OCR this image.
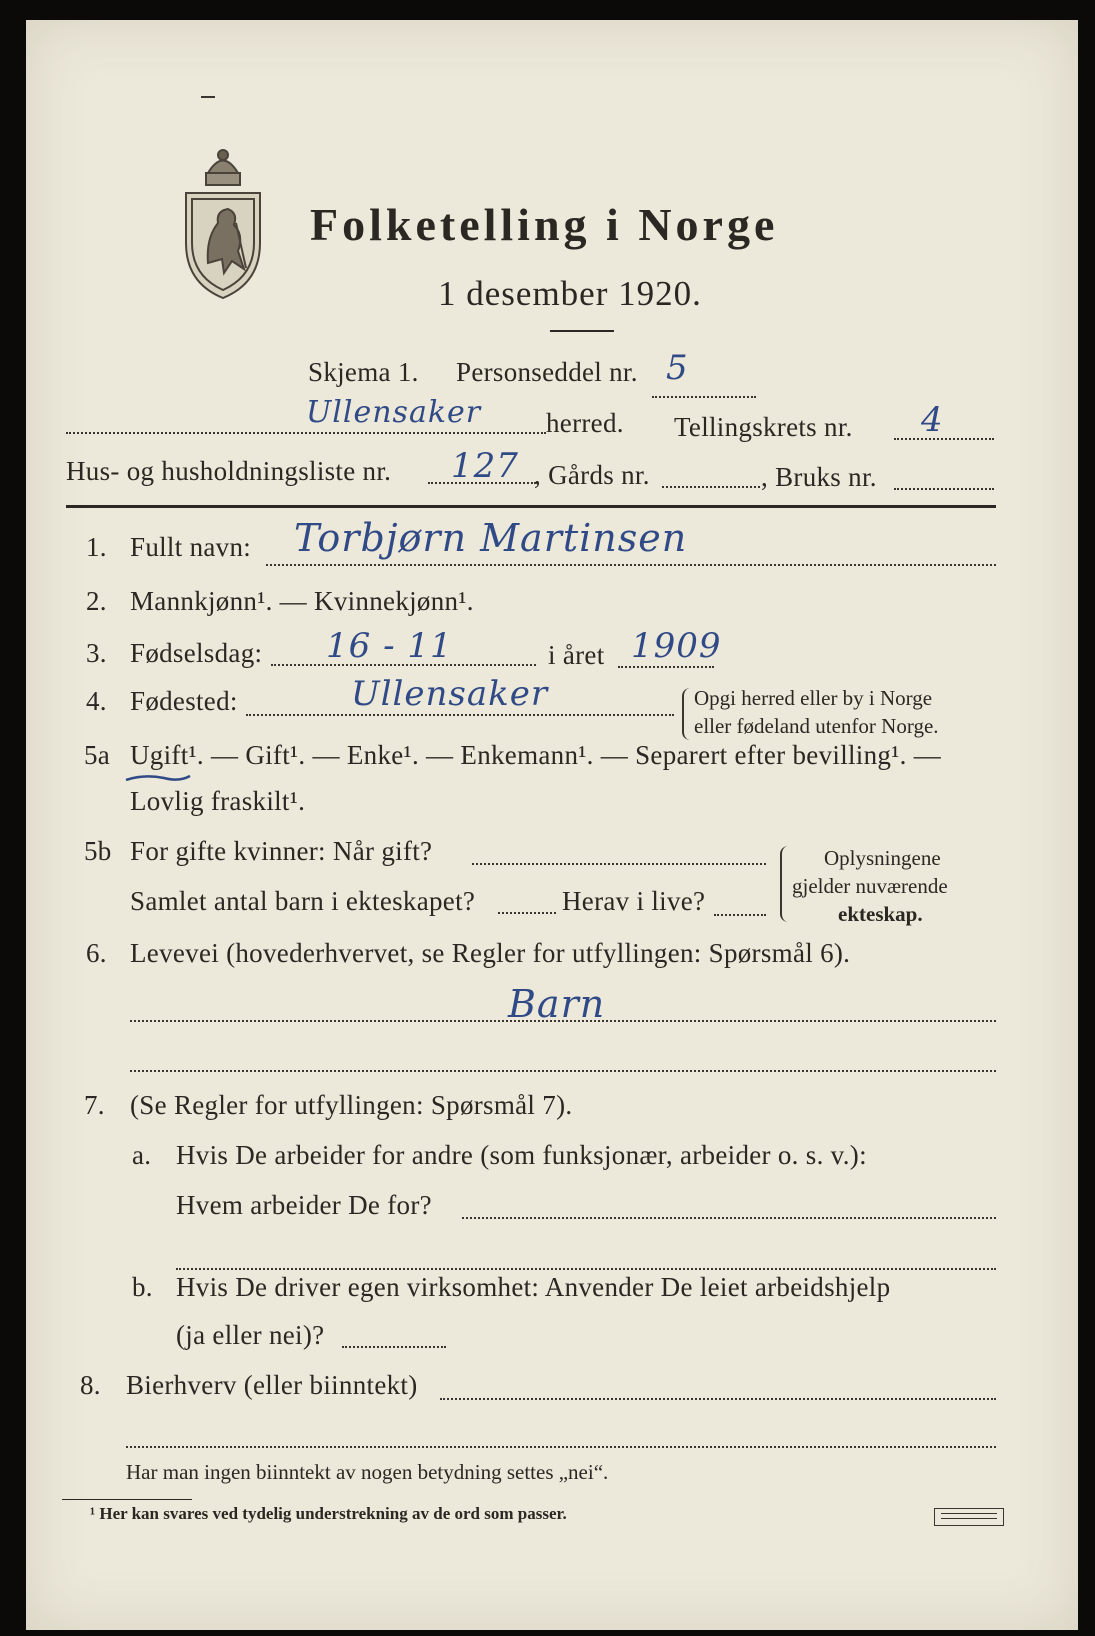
Folketelling i Norge
1 desember 1920.
Skjema 1. Personseddel nr. 5
Ullensaker herred. Tellingskrets nr. 4
Hus- og husholdningsliste nr. 127 , Gårds nr.	, Bruks nr.
1. Fullt navn: Torbjørn Martinsen
2. Mannkjønn¹. — Kvinnekjønn¹.
3. Fødselsdag: 16 - 11	i året 1909
4. Fødested:	Ullensaker	Opgi herred eller by i Norge
eller fødeland utenfor Norge.
5a Ugift¹. — Gift¹. — Enke¹. — Enkemann¹. — Separert efter bevilling¹. —
Lovlig fraskilt¹.
5b For gifte kvinner: Når gift?
Samlet antal barn i ekteskapet?	Herav i live?
Oplysningene
gjelder nuværende
ekteskap.
6. Levevei (hovederhvervet, se Regler for utfyllingen: Spørsmål 6).
Barn
7. (Se Regler for utfyllingen: Spørsmål 7).
a. Hvis De arbeider for andre (som funksjonær, arbeider o. s. v.):
Hvem arbeider De for?
b. Hvis De driver egen virksomhet: Anvender De leiet arbeidshjelp
(ja eller nei)?
8. Bierhverv (eller biinntekt)
Har man ingen biinntekt av nogen betydning settes „nei“.
¹ Her kan svares ved tydelig understrekning av de ord som passer.
